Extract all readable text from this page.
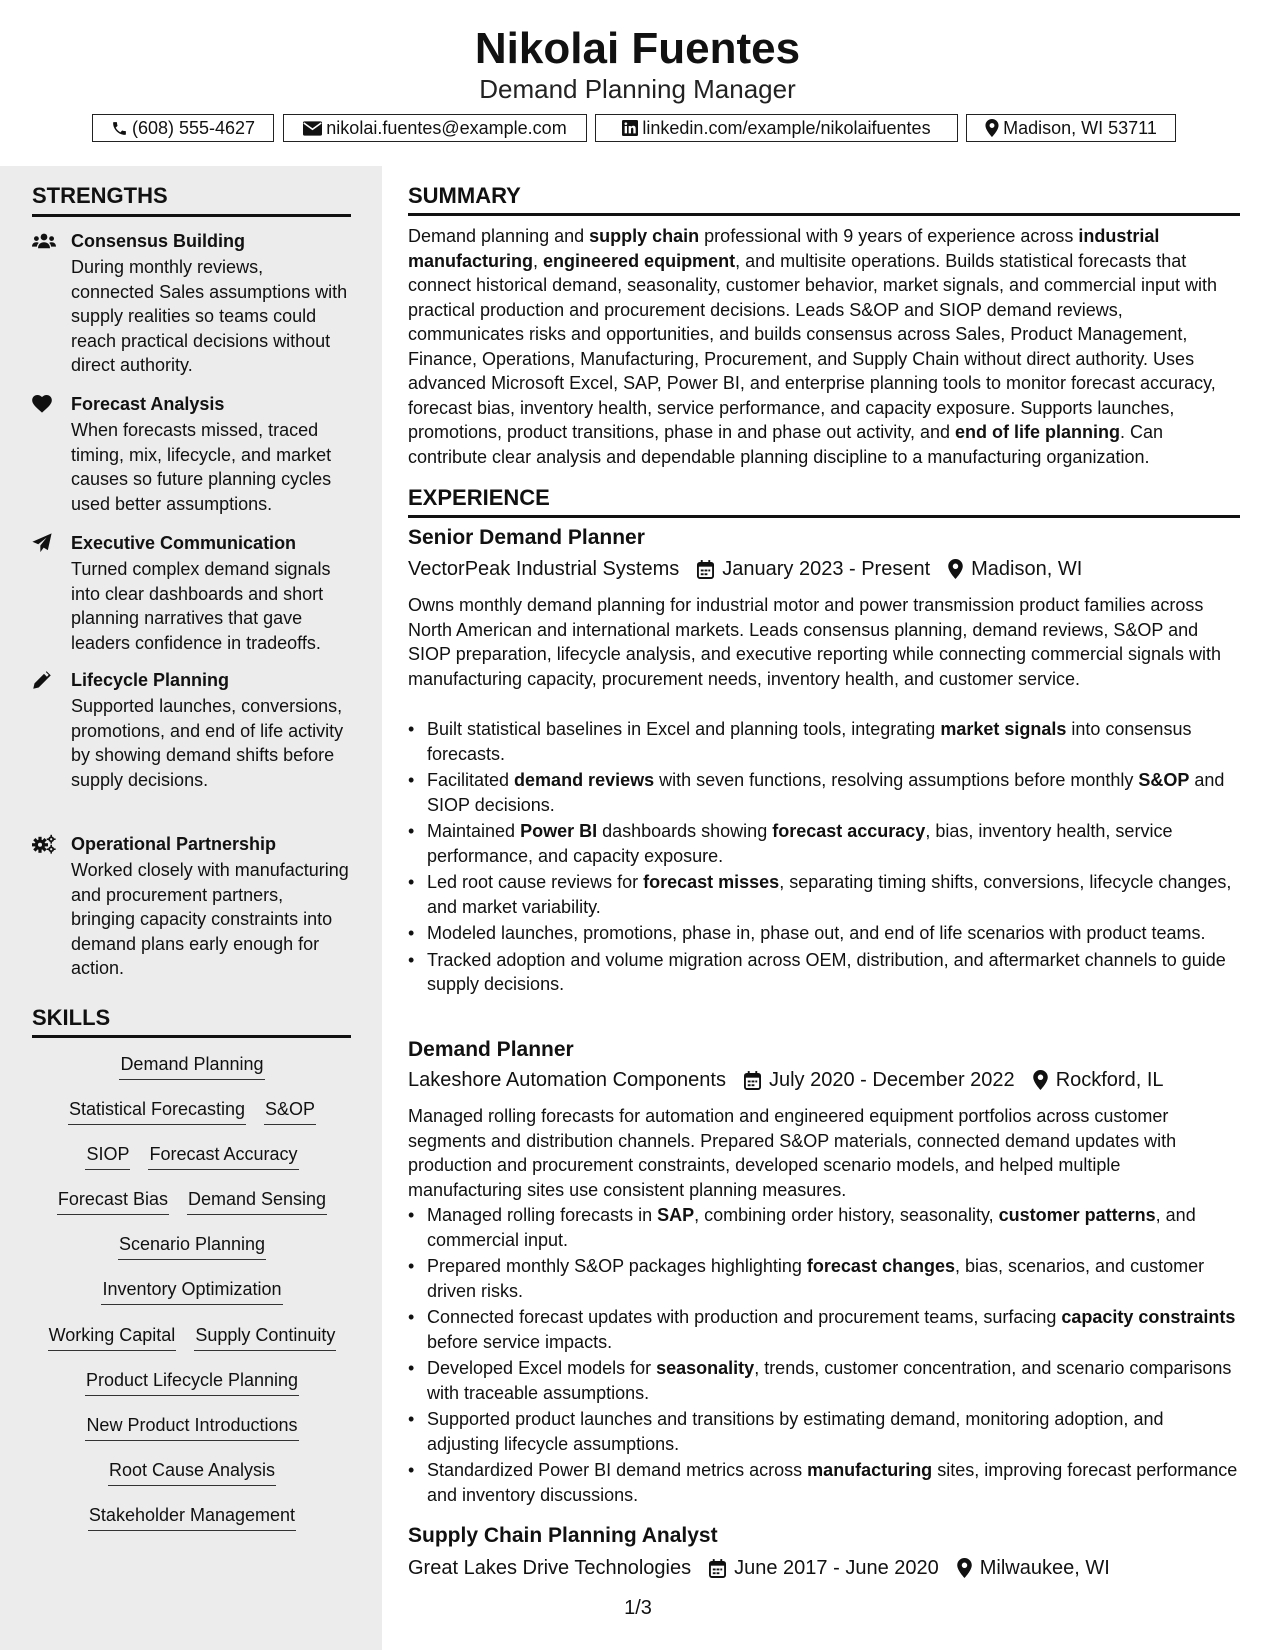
Nikolai Fuentes
Demand Planning Manager
(608) 555-4627	nikolai.fuentes@example.com	linkedin.com/example/nikolaifuentes	Madison, WI 53711
STRENGTHS
Consensus Building
During monthly reviews, connected Sales assumptions with supply realities so teams could reach practical decisions without direct authority.
Forecast Analysis
When forecasts missed, traced timing, mix, lifecycle, and market causes so future planning cycles used better assumptions.
Executive Communication
Turned complex demand signals into clear dashboards and short planning narratives that gave leaders confidence in tradeoffs.
Lifecycle Planning
Supported launches, conversions, promotions, and end of life activity by showing demand shifts before supply decisions.
Operational Partnership
Worked closely with manufacturing and procurement partners, bringing capacity constraints into demand plans early enough for action.
SKILLS
Demand Planning
Statistical Forecasting S&OP
SIOP Forecast Accuracy
Forecast Bias Demand Sensing
Scenario Planning
Inventory Optimization
Working Capital Supply Continuity
Product Lifecycle Planning
New Product Introductions
Root Cause Analysis
Stakeholder Management
SUMMARY
Demand planning and supply chain professional with 9 years of experience across industrial manufacturing, engineered equipment, and multisite operations. Builds statistical forecasts that connect historical demand, seasonality, customer behavior, market signals, and commercial input with practical production and procurement decisions. Leads S&OP and SIOP demand reviews, communicates risks and opportunities, and builds consensus across Sales, Product Management, Finance, Operations, Manufacturing, Procurement, and Supply Chain without direct authority. Uses advanced Microsoft Excel, SAP, Power BI, and enterprise planning tools to monitor forecast accuracy, forecast bias, inventory health, service performance, and capacity exposure. Supports launches, promotions, product transitions, phase in and phase out activity, and end of life planning. Can contribute clear analysis and dependable planning discipline to a manufacturing organization.
EXPERIENCE
Senior Demand Planner
VectorPeak Industrial Systems January 2023 - Present Madison, WI
Owns monthly demand planning for industrial motor and power transmission product families across North American and international markets. Leads consensus planning, demand reviews, S&OP and SIOP preparation, lifecycle analysis, and executive reporting while connecting commercial signals with manufacturing capacity, procurement needs, inventory health, and customer service.
• Built statistical baselines in Excel and planning tools, integrating market signals into consensus forecasts.
• Facilitated demand reviews with seven functions, resolving assumptions before monthly S&OP and SIOP decisions.
• Maintained Power BI dashboards showing forecast accuracy, bias, inventory health, service performance, and capacity exposure.
• Led root cause reviews for forecast misses, separating timing shifts, conversions, lifecycle changes, and market variability.
• Modeled launches, promotions, phase in, phase out, and end of life scenarios with product teams.
• Tracked adoption and volume migration across OEM, distribution, and aftermarket channels to guide supply decisions.
Demand Planner
Lakeshore Automation Components July 2020 - December 2022 Rockford, IL
Managed rolling forecasts for automation and engineered equipment portfolios across customer segments and distribution channels. Prepared S&OP materials, connected demand updates with production and procurement constraints, developed scenario models, and helped multiple manufacturing sites use consistent planning measures.
• Managed rolling forecasts in SAP, combining order history, seasonality, customer patterns, and commercial input.
• Prepared monthly S&OP packages highlighting forecast changes, bias, scenarios, and customer driven risks.
• Connected forecast updates with production and procurement teams, surfacing capacity constraints before service impacts.
• Developed Excel models for seasonality, trends, customer concentration, and scenario comparisons with traceable assumptions.
• Supported product launches and transitions by estimating demand, monitoring adoption, and adjusting lifecycle assumptions.
• Standardized Power BI demand metrics across manufacturing sites, improving forecast performance and inventory discussions.
Supply Chain Planning Analyst
Great Lakes Drive Technologies June 2017 - June 2020 Milwaukee, WI
1/3
